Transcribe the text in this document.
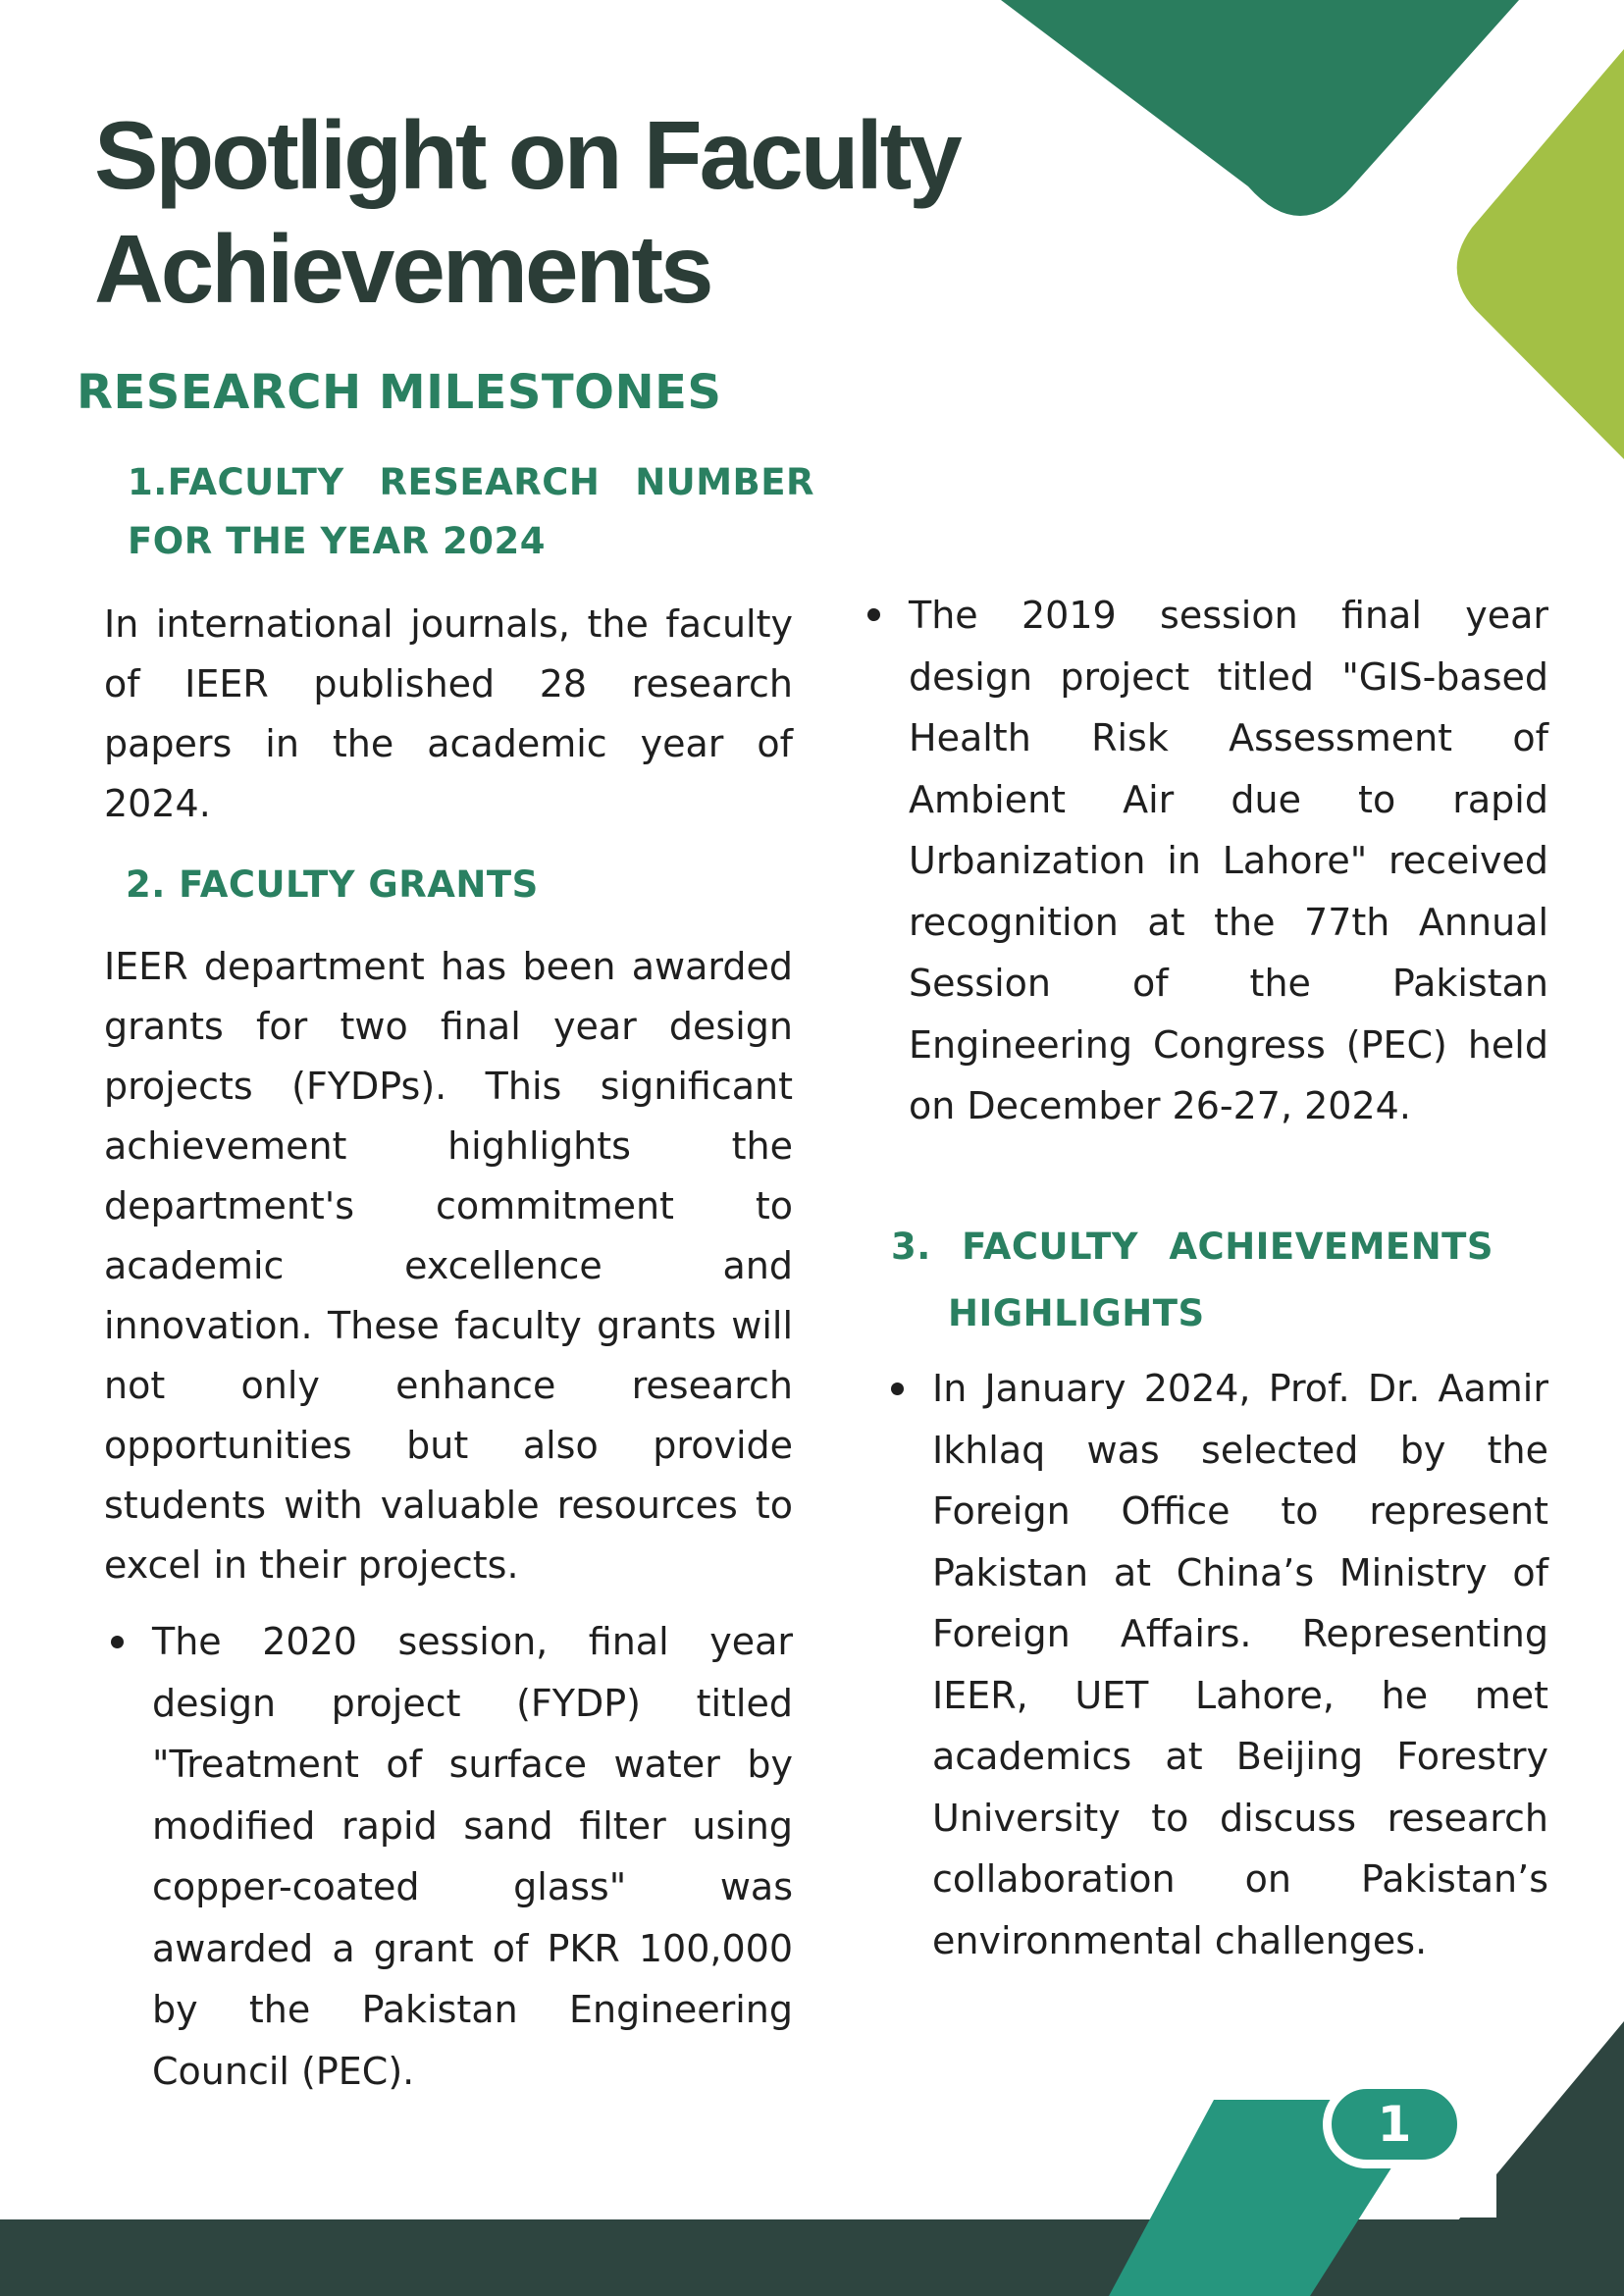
Spotlight on Faculty Achievements
RESEARCH MILESTONES
1.FACULTY RESEARCH NUMBER
FOR THE YEAR 2024

In international journals, the faculty of IEER published 28 research papers in the academic year of 2024.

2. FACULTY GRANTS

IEER department has been awarded grants for two final year design projects (FYDPs). This significant achievement highlights the department's commitment to academic excellence and innovation. These faculty grants will not only enhance research opportunities but also provide students with valuable resources to excel in their projects.

The 2020 session, final year design project (FYDP) titled "Treatment of surface water by modified rapid sand filter using copper-coated glass" was awarded a grant of PKR 100,000 by the Pakistan Engineering Council (PEC).

The 2019 session final year design project titled "GIS-based Health Risk Assessment of Ambient Air due to rapid Urbanization in Lahore" received recognition at the 77th Annual Session of the Pakistan Engineering Congress (PEC) held on December 26-27, 2024.

3. FACULTY ACHIEVEMENTS
HIGHLIGHTS

In January 2024, Prof. Dr. Aamir Ikhlaq was selected by the Foreign Office to represent Pakistan at China’s Ministry of Foreign Affairs. Representing IEER, UET Lahore, he met academics at Beijing Forestry University to discuss research collaboration on Pakistan’s environmental challenges.

1
